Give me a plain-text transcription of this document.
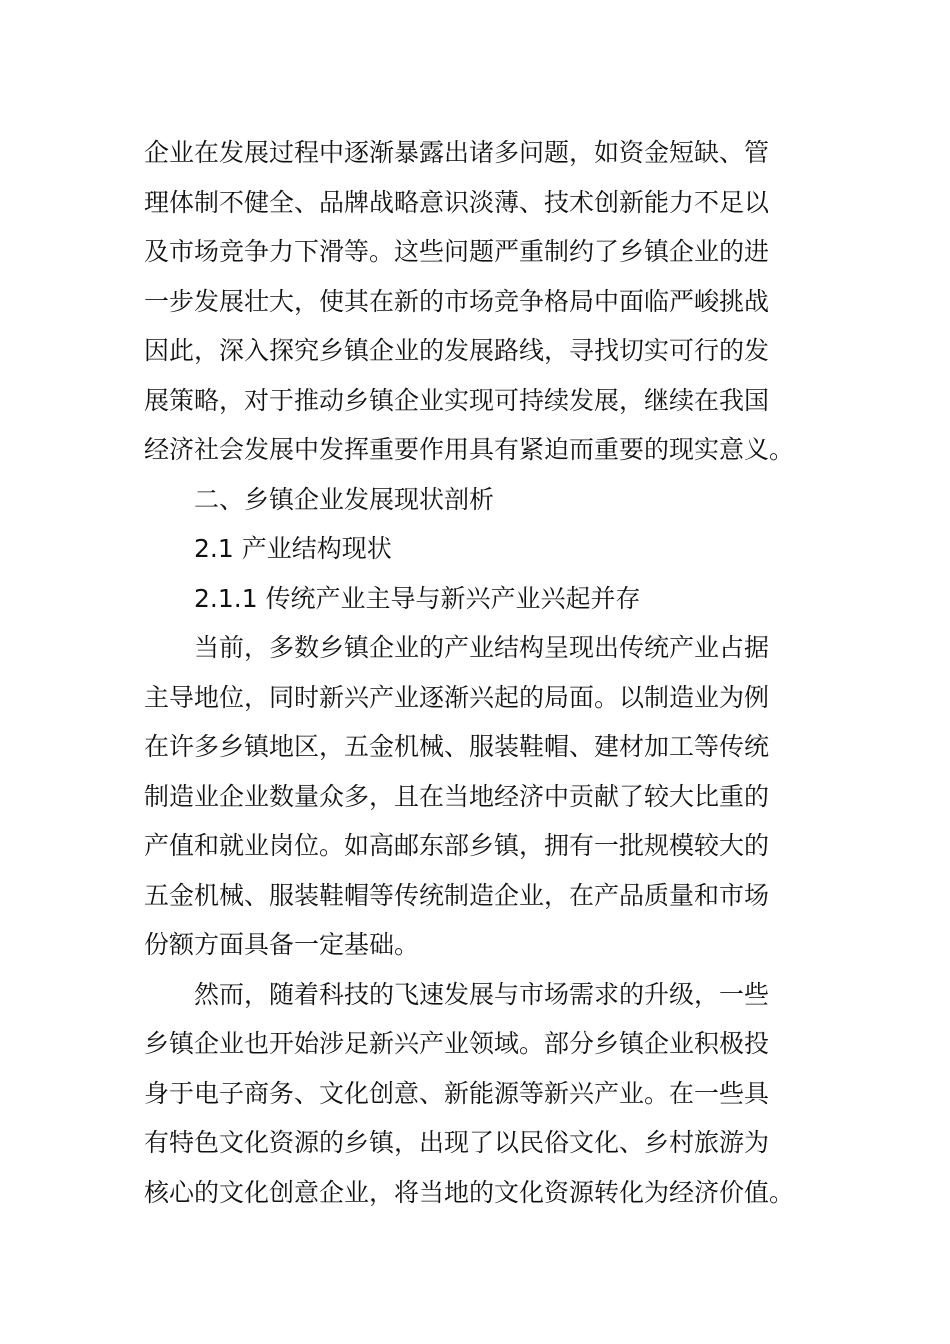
企业在发展过程中逐渐暴露出诸多问题，如资金短缺、管
理体制不健全、品牌战略意识淡薄、技术创新能力不足以
及市场竞争力下滑等。这些问题严重制约了乡镇企业的进
一步发展壮大，使其在新的市场竞争格局中面临严峻挑战
因此，深入探究乡镇企业的发展路线，寻找切实可行的发
展策略，对于推动乡镇企业实现可持续发展，继续在我国
经济社会发展中发挥重要作用具有紧迫而重要的现实意义。
二、乡镇企业发展现状剖析
2.1 产业结构现状
2.1.1 传统产业主导与新兴产业兴起并存
当前，多数乡镇企业的产业结构呈现出传统产业占据
主导地位，同时新兴产业逐渐兴起的局面。以制造业为例
在许多乡镇地区，五金机械、服装鞋帽、建材加工等传统
制造业企业数量众多，且在当地经济中贡献了较大比重的
产值和就业岗位。如高邮东部乡镇，拥有一批规模较大的
五金机械、服装鞋帽等传统制造企业，在产品质量和市场
份额方面具备一定基础。
然而，随着科技的飞速发展与市场需求的升级，一些
乡镇企业也开始涉足新兴产业领域。部分乡镇企业积极投
身于电子商务、文化创意、新能源等新兴产业。在一些具
有特色文化资源的乡镇，出现了以民俗文化、乡村旅游为
核心的文化创意企业，将当地的文化资源转化为经济价值。
